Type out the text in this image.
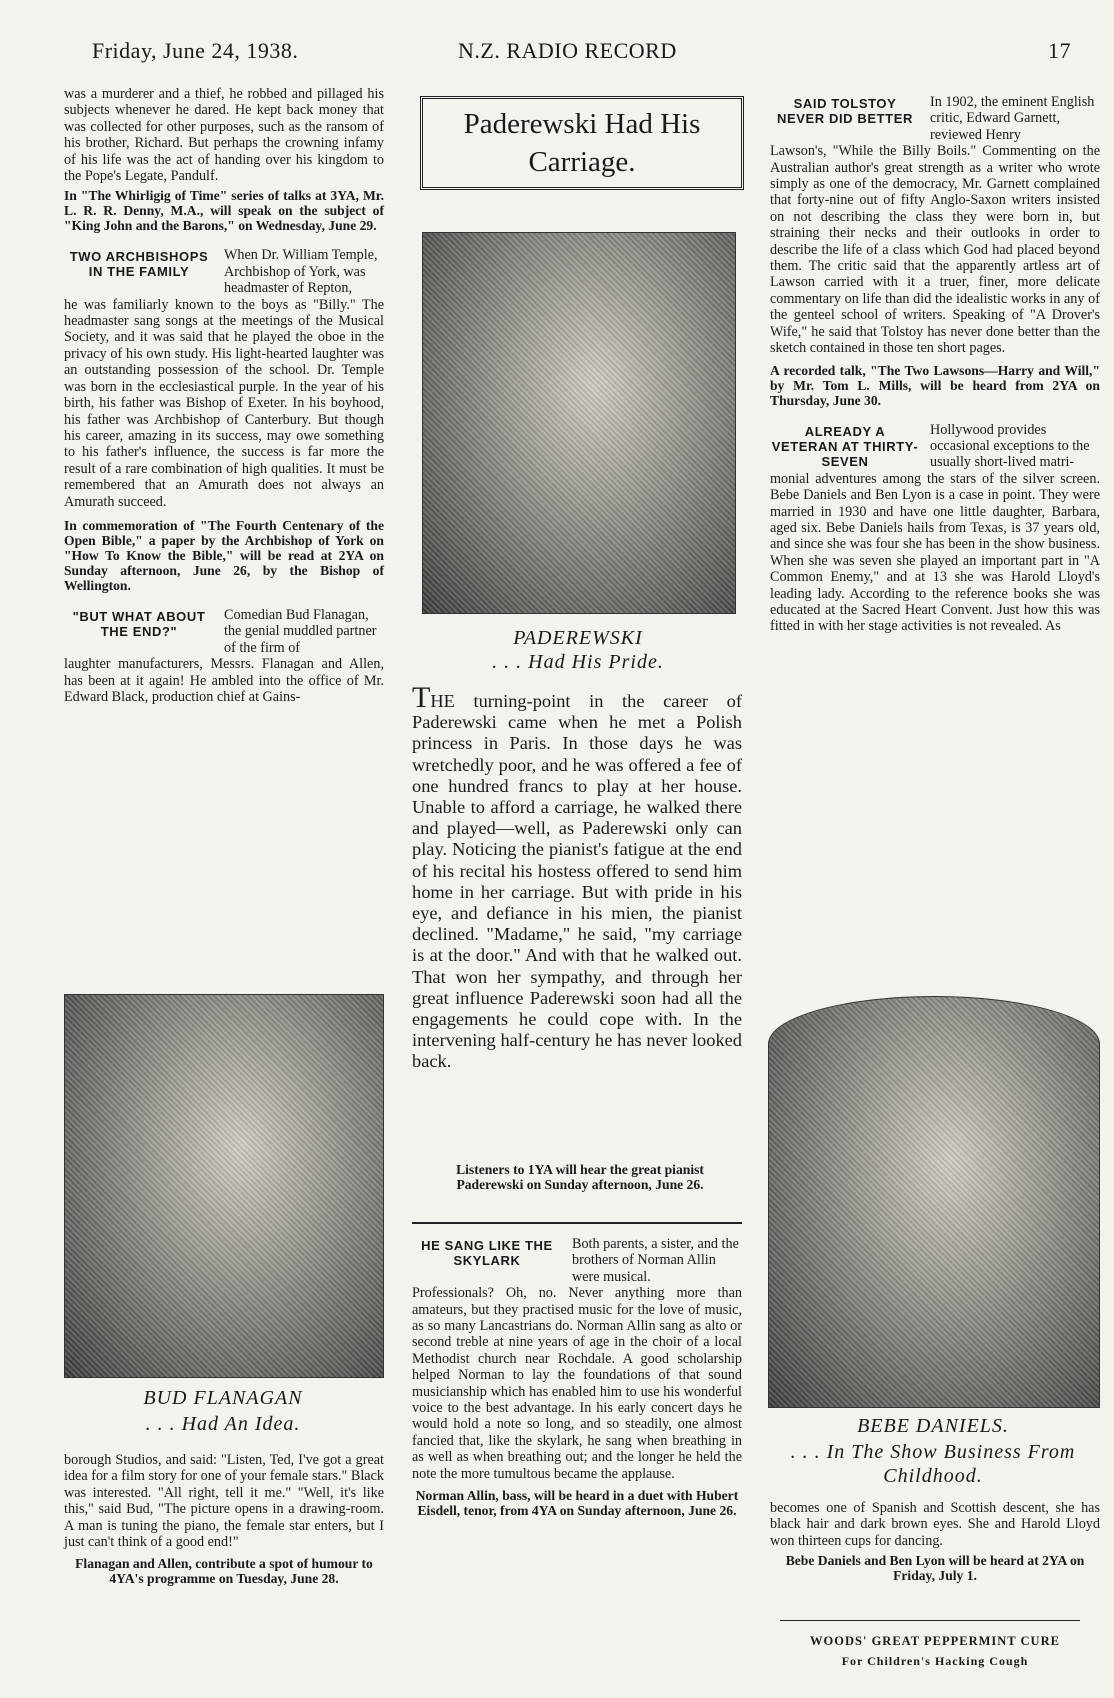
Friday, June 24, 1938.	N.Z. RADIO RECORD	17

was a murderer and a thief, he robbed and pillaged his subjects whenever he dared. He kept back money that was collected for other purposes, such as the ransom of his brother, Richard. But perhaps the crowning infamy of his life was the act of handing over his kingdom to the Pope's Legate, Pandulf.

In "The Whirligig of Time" series of talks at 3YA, Mr. L. R. R. Denny, M.A., will speak on the subject of "King John and the Barons," on Wednesday, June 29.

TWO ARCHBISHOPS IN THE FAMILY
When Dr. William Temple, Archbishop of York, was headmaster of Repton,

he was familiarly known to the boys as "Billy." The headmaster sang songs at the meetings of the Musical Society, and it was said that he played the oboe in the privacy of his own study. His light-hearted laughter was an outstanding possession of the school. Dr. Temple was born in the ecclesiastical purple. In the year of his birth, his father was Bishop of Exeter. In his boyhood, his father was Archbishop of Canterbury. But though his career, amazing in its success, may owe something to his father's influence, the success is far more the result of a rare combination of high qualities. It must be remembered that an Amurath does not always an Amurath succeed.

In commemoration of "The Fourth Centenary of the Open Bible," a paper by the Archbishop of York on "How To Know the Bible," will be read at 2YA on Sunday afternoon, June 26, by the Bishop of Wellington.

"BUT WHAT ABOUT THE END?"
Comedian Bud Flanagan, the genial muddled partner of the firm of

laughter manufacturers, Messrs. Flanagan and Allen, has been at it again! He ambled into the office of Mr. Edward Black, production chief at Gains-

BUD FLANAGAN
. . . Had An Idea.

borough Studios, and said: "Listen, Ted, I've got a great idea for a film story for one of your female stars." Black was interested. "All right, tell it me." "Well, it's like this," said Bud, "The picture opens in a drawing-room. A man is tuning the piano, the female star enters, but I just can't think of a good end!"

Flanagan and Allen, contribute a spot of humour to 4YA's programme on Tuesday, June 28.

Paderewski Had His Carriage.
PADEREWSKI
. . . Had His Pride.

THE turning-point in the career of Paderewski came when he met a Polish princess in Paris. In those days he was wretchedly poor, and he was offered a fee of one hundred francs to play at her house. Unable to afford a carriage, he walked there and played—well, as Paderewski only can play. Noticing the pianist's fatigue at the end of his recital his hostess offered to send him home in her carriage. But with pride in his eye, and defiance in his mien, the pianist declined. "Madame," he said, "my carriage is at the door." And with that he walked out. That won her sympathy, and through her great influence Paderewski soon had all the engagements he could cope with. In the intervening half-century he has never looked back.

Listeners to 1YA will hear the great pianist Paderewski on Sunday afternoon, June 26.
HE SANG LIKE THE SKYLARK
Both parents, a sister, and the brothers of Norman Allin were musical.

Professionals? Oh, no. Never anything more than amateurs, but they practised music for the love of music, as so many Lancastrians do. Norman Allin sang as alto or second treble at nine years of age in the choir of a local Methodist church near Rochdale. A good scholarship helped Norman to lay the foundations of that sound musicianship which has enabled him to use his wonderful voice to the best advantage. In his early concert days he would hold a note so long, and so steadily, one almost fancied that, like the skylark, he sang when breathing in as well as when breathing out; and the longer he held the note the more tumultous became the applause.

Norman Allin, bass, will be heard in a duet with Hubert Eisdell, tenor, from 4YA on Sunday afternoon, June 26.

SAID TOLSTOY NEVER DID BETTER
In 1902, the eminent English critic, Edward Garnett, reviewed Henry

Lawson's, "While the Billy Boils." Commenting on the Australian author's great strength as a writer who wrote simply as one of the democracy, Mr. Garnett complained that forty-nine out of fifty Anglo-Saxon writers insisted on not describing the class they were born in, but straining their necks and their outlooks in order to describe the life of a class which God had placed beyond them. The critic said that the apparently artless art of Lawson carried with it a truer, finer, more delicate commentary on life than did the idealistic works in any of the genteel school of writers. Speaking of "A Drover's Wife," he said that Tolstoy has never done better than the sketch contained in those ten short pages.

A recorded talk, "The Two Lawsons—Harry and Will," by Mr. Tom L. Mills, will be heard from 2YA on Thursday, June 30.

ALREADY A VETERAN AT THIRTY-SEVEN
Hollywood provides occasional exceptions to the usually short-lived matri-

monial adventures among the stars of the silver screen. Bebe Daniels and Ben Lyon is a case in point. They were married in 1930 and have one little daughter, Barbara, aged six. Bebe Daniels hails from Texas, is 37 years old, and since she was four she has been in the show business. When she was seven she played an important part in "A Common Enemy," and at 13 she was Harold Lloyd's leading lady. According to the reference books she was educated at the Sacred Heart Convent. Just how this was fitted in with her stage activities is not revealed. As

BEBE DANIELS.
. . . In The Show Business From Childhood.

becomes one of Spanish and Scottish descent, she has black hair and dark brown eyes. She and Harold Lloyd won thirteen cups for dancing.

Bebe Daniels and Ben Lyon will be heard at 2YA on Friday, July 1.

WOODS' GREAT PEPPERMINT CURE
For Children's Hacking Cough
